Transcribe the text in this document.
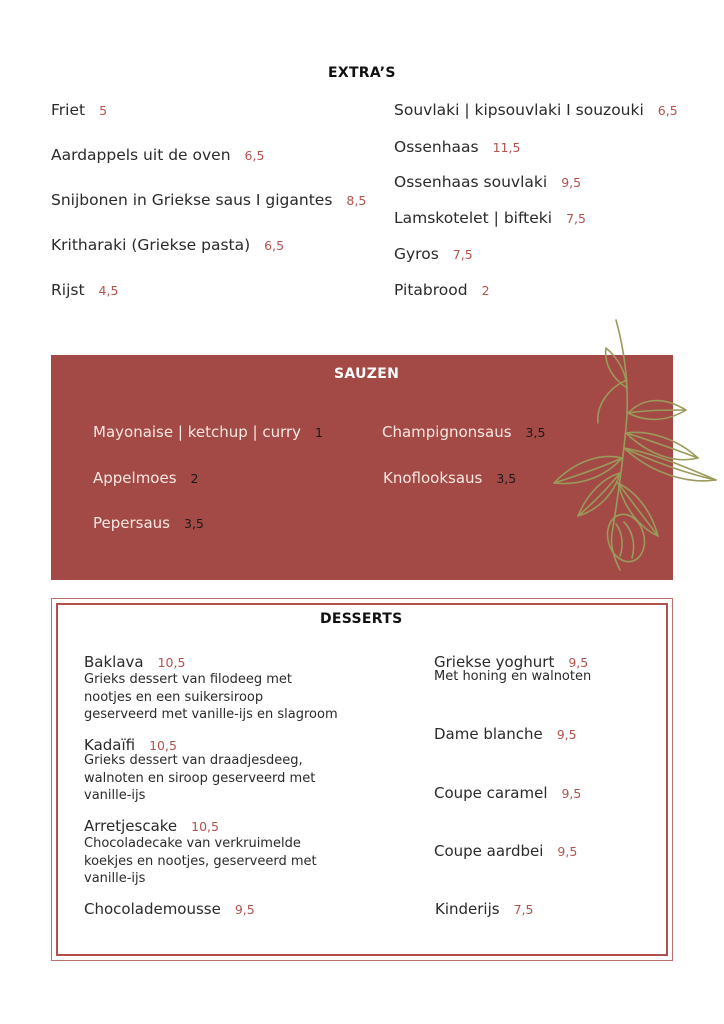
EXTRA’S
Friet 5
Aardappels uit de oven 6,5
Snijbonen in Griekse saus I gigantes 8,5
Kritharaki (Griekse pasta) 6,5
Rijst 4,5
Souvlaki | kipsouvlaki I souzouki 6,5
Ossenhaas 11,5
Ossenhaas souvlaki 9,5
Lamskotelet | bifteki 7,5
Gyros 7,5
Pitabrood 2
SAUZEN
Mayonaise | ketchup | curry 1	Champignonsaus 3,5
Appelmoes 2	Knoflooksaus 3,5
Pepersaus 3,5
DESSERTS
Baklava 10,5
Grieks dessert van filodeeg met
nootjes en een suikersiroop
geserveerd met vanille-ijs en slagroom
Kadaïfi 10,5
Grieks dessert van draadjesdeeg,
walnoten en siroop geserveerd met
vanille-ijs
Arretjescake 10,5
Chocoladecake van verkruimelde
koekjes en nootjes, geserveerd met
vanille-ijs
Chocolademousse 9,5
Griekse yoghurt 9,5
Met honing en walnoten
Dame blanche 9,5
Coupe caramel 9,5
Coupe aardbei 9,5
Kinderijs 7,5
